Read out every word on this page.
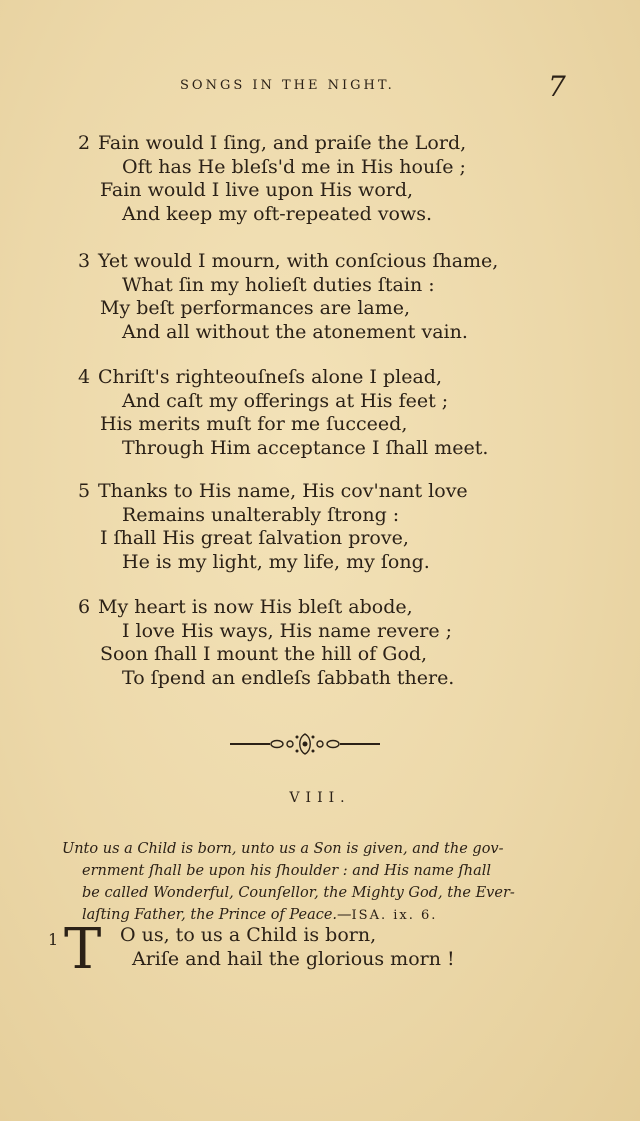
SONGS IN THE NIGHT.	7
2 Fain would I ſing, and praiſe the Lord,
Oft has He bleſs'd me in His houſe ;
Fain would I live upon His word,
And keep my oft-repeated vows.
3 Yet would I mourn, with conſcious ſhame,
What ſin my holieſt duties ſtain :
My beſt performances are lame,
And all without the atonement vain.
4 Chriſt's righteouſneſs alone I plead,
And caſt my offerings at His feet ;
His merits muſt for me ſucceed,
Through Him acceptance I ſhall meet.
5 Thanks to His name, His cov'nant love
Remains unalterably ſtrong :
I ſhall His great ſalvation prove,
He is my light, my life, my ſong.
6 My heart is now His bleſt abode,
I love His ways, His name revere ;
Soon ſhall I mount the hill of God,
To ſpend an endleſs ſabbath there.
VIII.
Unto us a Child is born, unto us a Son is given, and the gov-
ernment ſhall be upon his ſhoulder : and His name ſhall
be called Wonderful, Counſellor, the Mighty God, the Ever-
laſting Father, the Prince of Peace.—ISA. ix. 6.
1 T O us, to us a Child is born,
Ariſe and hail the glorious morn !
